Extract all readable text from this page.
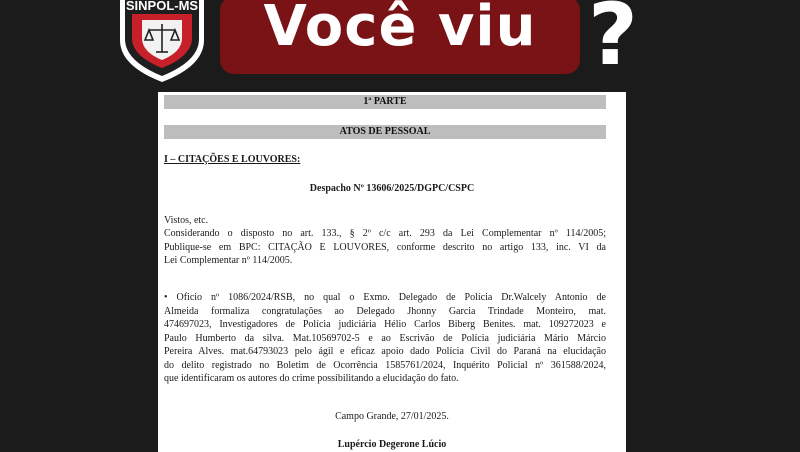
SINPOL-MS	Você viu ?
1ª PARTE
ATOS DE PESSOAL
I – CITAÇÕES E LOUVORES:
Despacho Nº 13606/2025/DGPC/CSPC
Vistos, etc.
Considerando o disposto no art. 133., § 2º c/c art. 293 da Lei Complementar nº 114/2005;
Publique-se em BPC: CITAÇÃO E LOUVORES, conforme descrito no artigo 133, inc. VI da
Lei Complementar nº 114/2005.
• Oficio nº 1086/2024/RSB, no qual o Exmo. Delegado de Polícia Dr.Walcely Antonio de
Almeida formaliza congratulações ao Delegado Jhonny Garcia Trindade Monteiro, mat.
474697023, Investigadores de Polícia judiciária Hélio Carlos Biberg Benites. mat. 109272023 e
Paulo Humberto da silva. Mat.10569702-5 e ao Escrivão de Polícia judiciária Mário Márcio
Pereira Alves. mat.64793023 pelo ágil e eficaz apoio dado Polícia Civil do Paraná na elucidação
do delito registrado no Boletim de Ocorrência 1585761/2024, Inquérito Policial nº 361588/2024,
que identificaram os autores do crime possibilitando a elucidação do fato.
Campo Grande, 27/01/2025.
Lupércio Degerone Lúcio
